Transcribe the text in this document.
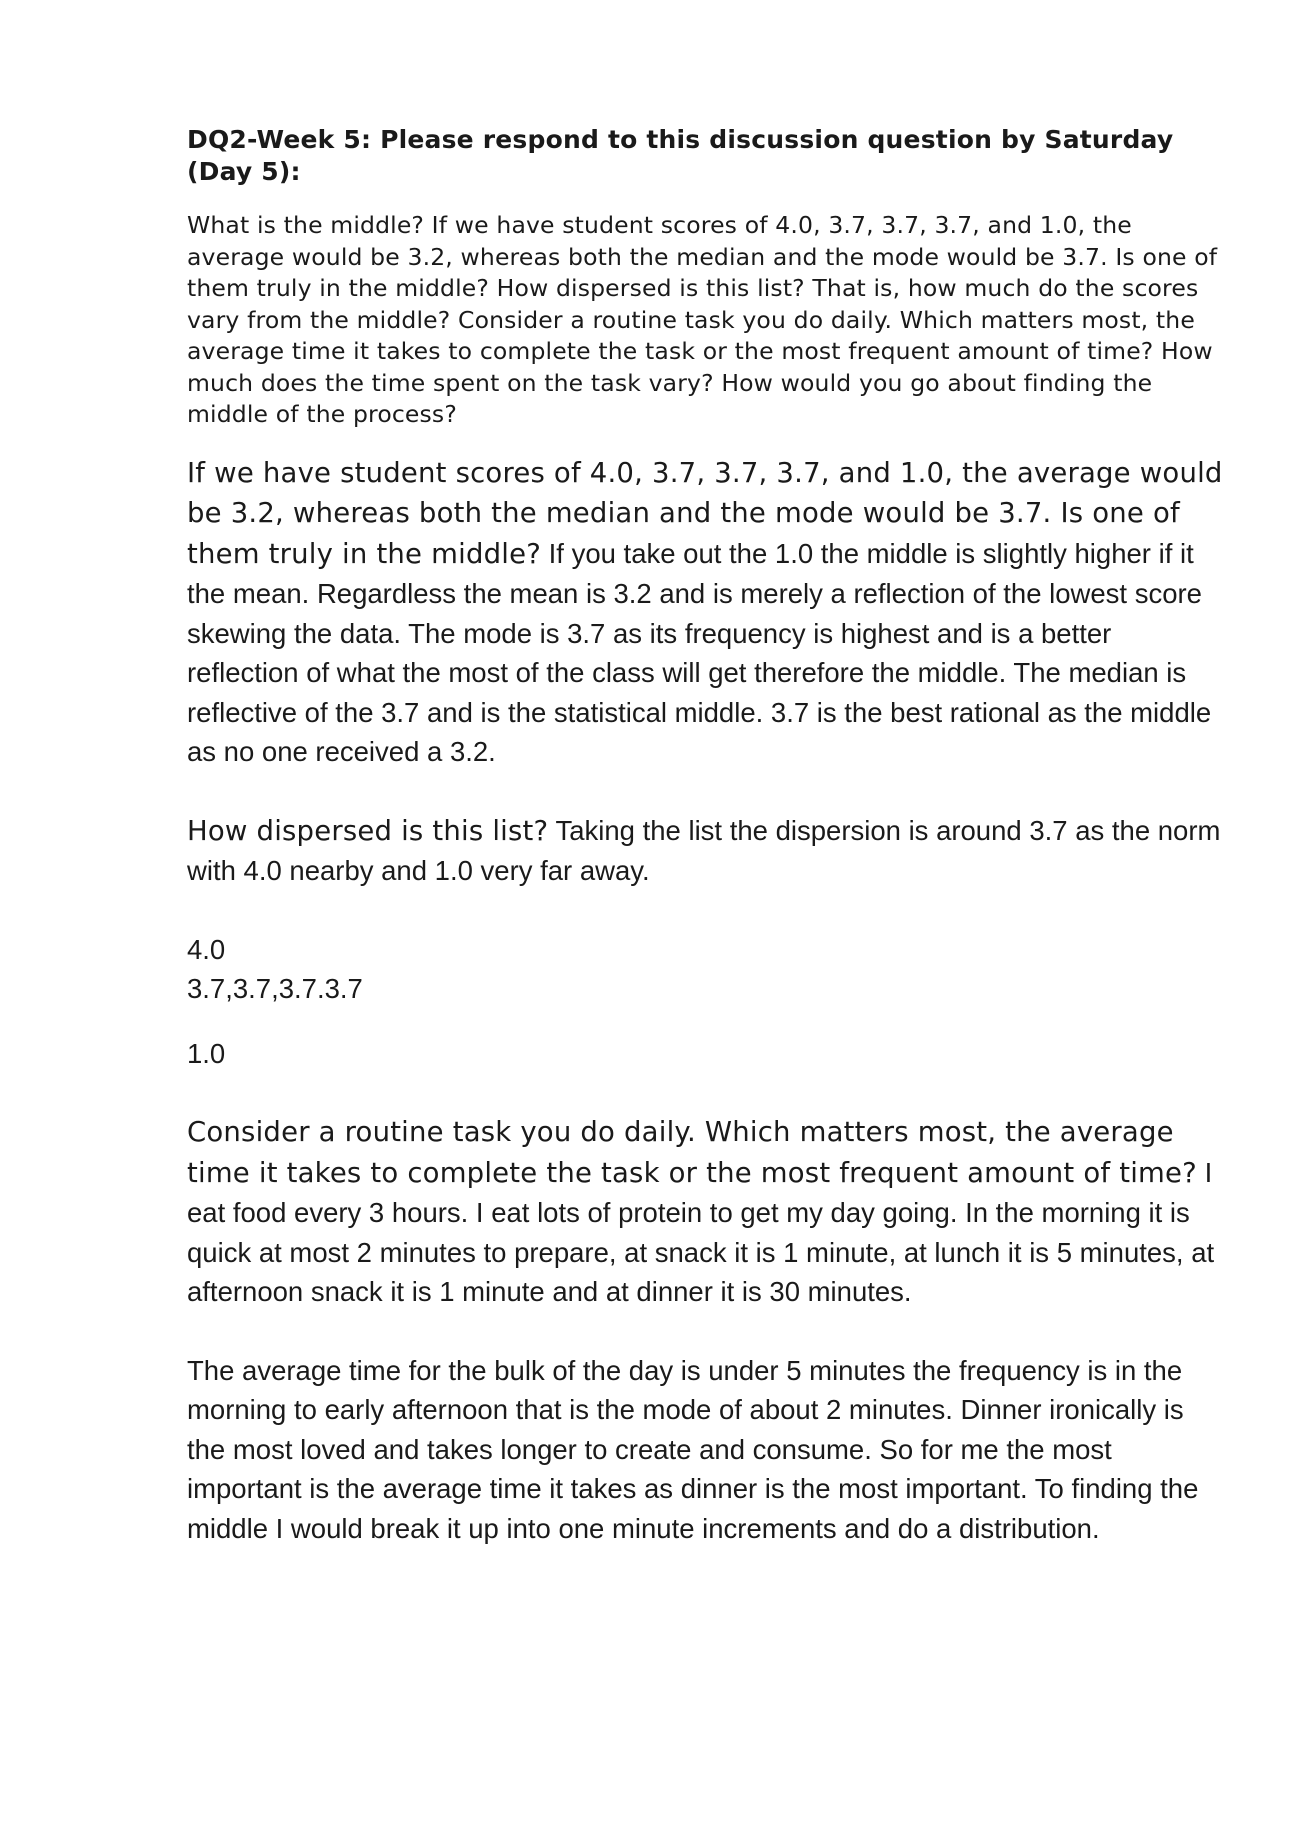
DQ2-Week 5: Please respond to this discussion question by Saturday (Day 5):

What is the middle? If we have student scores of 4.0, 3.7, 3.7, 3.7, and 1.0, the average would be 3.2, whereas both the median and the mode would be 3.7. Is one of them truly in the middle? How dispersed is this list? That is, how much do the scores vary from the middle? Consider a routine task you do daily. Which matters most, the average time it takes to complete the task or the most frequent amount of time? How much does the time spent on the task vary? How would you go about finding the middle of the process?

If we have student scores of 4.0, 3.7, 3.7, 3.7, and 1.0, the average would be 3.2, whereas both the median and the mode would be 3.7. Is one of them truly in the middle? If you take out the 1.0 the middle is slightly higher if it the mean. Regardless the mean is 3.2 and is merely a reflection of the lowest score skewing the data. The mode is 3.7 as its frequency is highest and is a better reflection of what the most of the class will get therefore the middle. The median is reflective of the 3.7 and is the statistical middle. 3.7 is the best rational as the middle as no one received a 3.2.

How dispersed is this list? Taking the list the dispersion is around 3.7 as the norm with 4.0 nearby and 1.0 very far away.

4.0
3.7,3.7,3.7.3.7
1.0

Consider a routine task you do daily. Which matters most, the average time it takes to complete the task or the most frequent amount of time? I eat food every 3 hours. I eat lots of protein to get my day going. In the morning it is quick at most 2 minutes to prepare, at snack it is 1 minute, at lunch it is 5 minutes, at afternoon snack it is 1 minute and at dinner it is 30 minutes.

The average time for the bulk of the day is under 5 minutes the frequency is in the morning to early afternoon that is the mode of about 2 minutes. Dinner ironically is the most loved and takes longer to create and consume. So for me the most important is the average time it takes as dinner is the most important. To finding the middle I would break it up into one minute increments and do a distribution.
